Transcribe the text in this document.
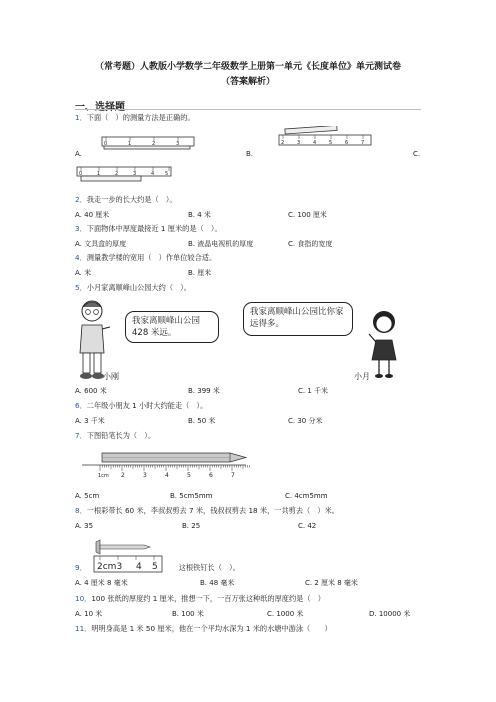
（常考题）人教版小学数学二年级数学上册第一单元《长度单位》单元测试卷
（答案解析）
一、选择题
1．下面（　）的测量方法是正确的。
A.	B.	C.
0	1	2	3	2	3	4	5	6	7
0	1	2	3	4 5
2．我走一步的长大约是（　）。
A. 40 厘米	B. 4 米	C. 100 厘米
3．下面物体中厚度最接近 1 厘米的是（　）。
A. 文具盒的厚度	B. 液晶电视机的厚度	C. 食指的宽度
4．测量教学楼的宽用（　）作单位较合适。
A. 米	B. 厘米
5．小月家离顺峰山公园大约（　）。
我家离顺峰山公园 428 米远。
小刚
我家离顺峰山公园比你家远得多。
小月
A. 600 米	B. 399 米	C. 1 千米
6．二年级小朋友 1 小时大约能走（　）。
A. 3 千米	B. 50 米	C. 30 分米
7．下图铅笔长为（　）。
1cm 2	3	4	5	6	7
A. 5cm	B. 5cm5mm	C. 4cm5mm
8．一根彩带长 60 米，李叔叔剪去 7 米，钱叔叔剪去 18 米，一共剪去（　）米。
A. 35	B. 25	C. 42
2cm3 4 5
9．	这根铁钉长（　）。
A. 4 厘米 8 毫米	B. 48 毫米	C. 2 厘米 8 毫米
10．100 张纸的厚度约 1 厘米，推想一下，一百万张这种纸的厚度约是（　）
A. 10 米	B. 100 米	C. 1000 米	D. 10000 米
11．明明身高是 1 米 50 厘米，他在一个平均水深为 1 米的水塘中游泳（　　）
